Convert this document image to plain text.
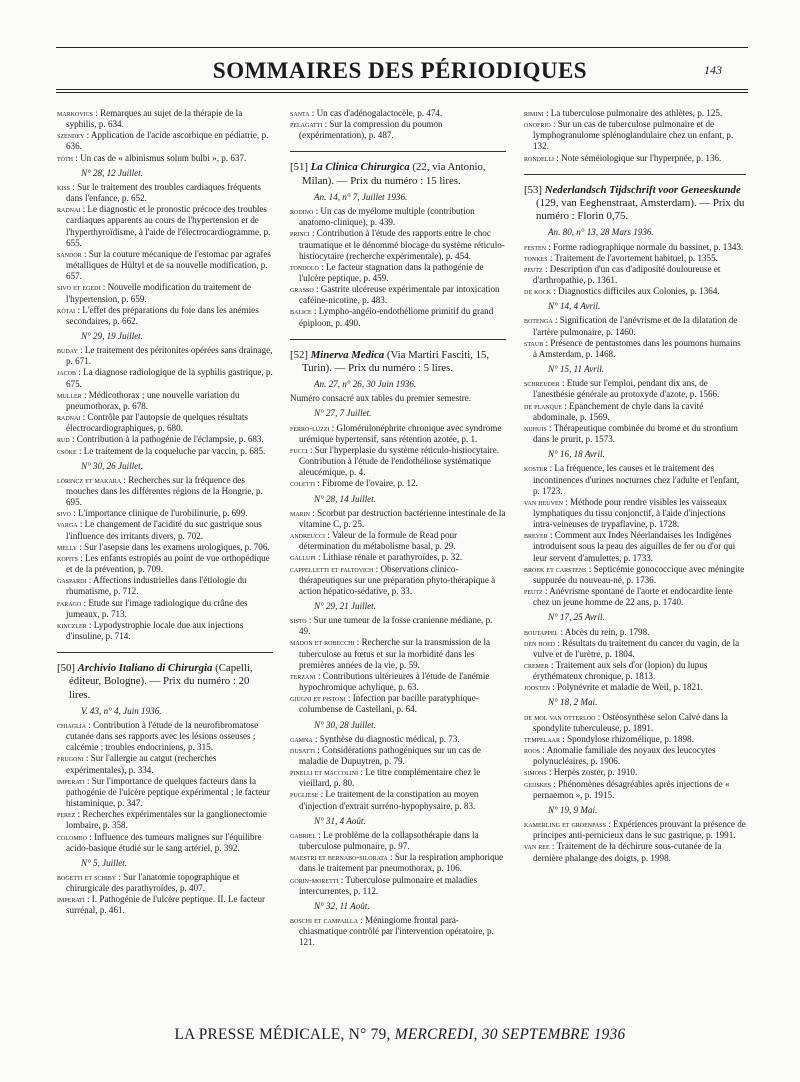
SOMMAIRES DES PÉRIODIQUES	143

markovics : Remarques au sujet de la thérapie de la syphilis, p. 634.

szendey : Application de l'acide ascorbique en pédiatrie, p. 636.

tóth : Un cas de « albinismus solum bulbi », p. 637.

N° 28, 12 Juillet.

kiss : Sur le traitement des troubles cardiaques fréquents dans l'enfance, p. 652.

radnai : Le diagnostic et le pronostic précoce des troubles cardiaques apparents au cours de l'hypertension et de l'hyperthyroïdisme, à l'aide de l'électrocardiogramme, p. 655.

sándor : Sur la couture mécanique de l'estomac par agrafes métalliques de Hültyl et de sa nouvelle modification, p. 657.

sivo et egedi : Nouvelle modification du traitement de l'hypertension, p. 659.

kótai : L'effet des préparations du foie dans les anémies secondaires, p. 662.

N° 29, 19 Juillet.

buday : Le traitement des péritonites opérées sans drainage, p. 671.

jacob : La diagnose radiologique de la syphilis gastrique, p. 675.

muller : Médicothorax ; une nouvelle variation du pneumothorax, p. 678.

radnai : Contrôle par l'autopsie de quelques résultats électrocardiographiques, p. 680.

rud : Contribution à la pathogénie de l'éclampsie, p. 683.

csöke : Le traitement de la coqueluche par vaccin, p. 685.

N° 30, 26 Juillet.

lörincz et makara : Recherches sur la fréquence des mouches dans les différentes régions de la Hongrie, p. 695.

sivo : L'importance clinique de l'urobilinurie, p. 699.

varga : Le changement de l'acidité du suc gastrique sous l'influence des irritants divers, p. 702.

melly : Sur l'asepsie dans les examens urologiques, p. 706.

kopits : Les enfants estropiés au point de vue orthopédique et de la prévention, p. 709.

gaspardi : Affections industrielles dans l'étiologie du rhumatisme, p. 712.

farago : Etude sur l'image radiologique du crâne des jumeaux, p. 713.

kinczler : Lypodystrophie locale due aux injections d'insuline, p. 714.

[50] Archivio Italiano di Chirurgia (Capelli, éditeur, Bologne). — Prix du numéro : 20 lires.

V. 43, n° 4, Juin 1936.

chiaglia : Contribution à l'étude de la neurofibromatose cutanée dans ses rapports avec les lésions osseuses ; calcémie ; troubles endocriniens, p. 315.

frugoni : Sur l'allergie au catgut (recherches expérimentales), p. 334.

imperati : Sur l'importance de quelques facteurs dans la pathogénie de l'ulcère peptique expérimental ; le facteur histaminique, p. 347.

perez : Recherches expérimentales sur la ganglionectomie lombaire, p. 358.

colombo : Influence des tumeurs malignes sur l'équilibre acido-basique étudié sur le sang artériel, p. 392.

N° 5, Juillet.

bogetti et schiby : Sur l'anatomie topographique et chirurgicale des parathyroïdes, p. 407.

imperati : I. Pathogénie de l'ulcère peptique. II. Le facteur surrénal, p. 461.

santa : Un cas d'adénogalactocèle, p. 474.

pelagatti : Sur la compression du poumon (expérimentation), p. 487.

[51] La Clinica Chirurgica (22, via Antonio, Milan). — Prix du numéro : 15 lires.

An. 14, n° 7, Juillet 1936.

rodino : Un cas de myélome multiple (contribution anatomo-clinique), p. 439.

princi : Contribution à l'étude des rapports entre le choc traumatique et le dénommé blocage du système réticulo-histiocytaire (recherche expérimentale), p. 454.

tondolo : Le facteur stagnation dans la pathogénie de l'ulcère peptique, p. 459.

grasso : Gastrite ulcéreuse expérimentale par intoxication caféine-nicotine, p. 483.

balice : Lympho-angéio-endothéliome primitif du grand épiploon, p. 490.

[52] Minerva Medica (Via Martiri Fasciti, 15, Turin). — Prix du numéro : 5 lires.

An. 27, n° 26, 30 Juin 1936.

Numéro consacré aux tables du premier semestre.

N° 27, 7 Juillet.

ferro-luzzi : Glomérulonéphrite chronique avec syndrome urémique hypertensif, sans rétention azotée, p. 1.

fucci : Sur l'hyperplasie du système réticulo-histiocytaire. Contribution à l'étude de l'endothéliose systématique aleucémique, p. 4.

coletti : Fibrome de l'ovaire, p. 12.

N° 28, 14 Juillet.

marin : Scorbut par destruction bactérienne intestinale de la vitamine C, p. 25.

andreucci : Valeur de la formule de Read pour détermination du métabolisme basal, p. 29.

gallupi : Lithiase rénale et parathyroïdes, p. 32.

cappelletti et faltovich : Observations clinico-thérapeutiques sur une préparation phyto-thérapique à action hépatico-sédative, p. 33.

N° 29, 21 Juillet.

sisto : Sur une tumeur de la fosse cranienne médiane, p. 49.

madon et robecchi : Recherche sur la transmission de la tuberculose au fœtus et sur la morbidité dans les premières années de la vie, p. 59.

terzani : Contributions ultérieures à l'étude de l'anémie hypochromique achylique, p. 63.

giugni et pistoni : Infection par bacille paratyphique-columbense de Castellani, p. 64.

N° 30, 28 Juillet.

gamna : Synthèse du diagnostic médical, p. 73.

dusatti : Considérations pathogéniques sur un cas de maladie de Dupuytren, p. 79.

pinelli et maccolini : Le titre complémentaire chez le vieillard, p. 80.

pugliese : Le traitement de la constipation au moyen d'injection d'extrait surréno-hypophysaire, p. 83.

N° 31, 4 Août.

gabriel : Le problème de la collapsothérapie dans la tuberculose pulmonaire, p. 97.

maestri et bernabo-silorata : Sur la respiration amphorique dans le traitement par pneumothorax, p. 106.

gorin-moretti : Tuberculose pulmonaire et maladies intercurrentes, p. 112.

N° 32, 11 Août.

boschi et campailla : Méningiome frontal para-chiasmatique contrôlé par l'intervention opératoire, p. 121.

rimini : La tuberculose pulmonaire des athlètes, p. 125.

onofrio : Sur un cas de tuberculose pulmonaire et de lymphogranulome splénoglandulaire chez un enfant, p. 132.

rondelli : Note séméiologique sur l'hyperpnée, p. 136.

[53] Nederlandsch Tijdschrift voor Geneeskunde (129, van Eeghenstraat, Amsterdam). — Prix du numéro : Florin 0,75.

An. 80, n° 13, 28 Mars 1936.

festen : Forme radiographique normale du bassinet, p. 1343.

tonkes : Traitement de l'avortement habituel, p. 1355.

peutz : Description d'un cas d'adiposité douloureuse et d'arthropathie, p. 1361.

de kock : Diagnostics difficiles aux Colonies, p. 1364.

N° 14, 4 Avril.

botenga : Signification de l'anévrisme et de la dilatation de l'artère pulmonaire, p. 1460.

staub : Présence de pentastomes dans les poumons humains à Amsterdam, p. 1468.

N° 15, 11 Avril.

schreuder : Etude sur l'emploi, pendant dix ans, de l'anesthésie générale au protoxyde d'azote, p. 1566.

de planque : Epanchement de chyle dans la cavité abdominale, p. 1569.

nijhuis : Thérapeutique combinée du brome et du strontium dans le prurit, p. 1573.

N° 16, 18 Avril.

koster : La fréquence, les causes et le traitement des incontinences d'urines nocturnes chez l'adulte et l'enfant, p. 1723.

van heuven : Méthode pour rendre visibles les vaisseaux lymphatiques du tissu conjonctif, à l'aide d'injections intra-veineuses de trypaflavine, p. 1728.

breyer : Comment aux Indes Néerlandaises les Indigènes introduisent sous la peau des aiguilles de fer ou d'or qui leur servent d'amulettes, p. 1733.

broek et carstens : Septicémie gonococcique avec méningite suppurée du nouveau-né, p. 1736.

peutz : Anévrisme spontané de l'aorte et endocardite lente chez un jeune homme de 22 ans, p. 1740.

N° 17, 25 Avril.

boutappel : Abcès du rein, p. 1798.

den hoed : Résultats du traitement du cancer du vagin, de la vulve et de l'urètre, p. 1804.

cremer : Traitement aux sels d'or (lopion) du lupus érythémateux chronique, p. 1813.

joosten : Polynévrite et maladie de Weil, p. 1821.

N° 18, 2 Mai.

de mol van otterloo : Ostéosynthèse selon Calvé dans la spondylite tuberculeuse, p. 1891.

tempelaar : Spondylose rhizomélique, p. 1898.

roos : Anomalie familiale des noyaux des leucocytes polynucléaires, p. 1906.

simons : Herpès zoster, p. 1910.

geijskes : Phénomènes désagréables après injections de « pernaemon », p. 1915.

N° 19, 9 Mai.

kamerling et groenpass : Expériences prouvant la présence de principes anti-pernicieux dans le suc gastrique, p. 1991.

van ree : Traitement de la déchirure sous-cutanée de la dernière phalange des doigts, p. 1998.

LA PRESSE MÉDICALE, N° 79, MERCREDI, 30 SEPTEMBRE 1936
